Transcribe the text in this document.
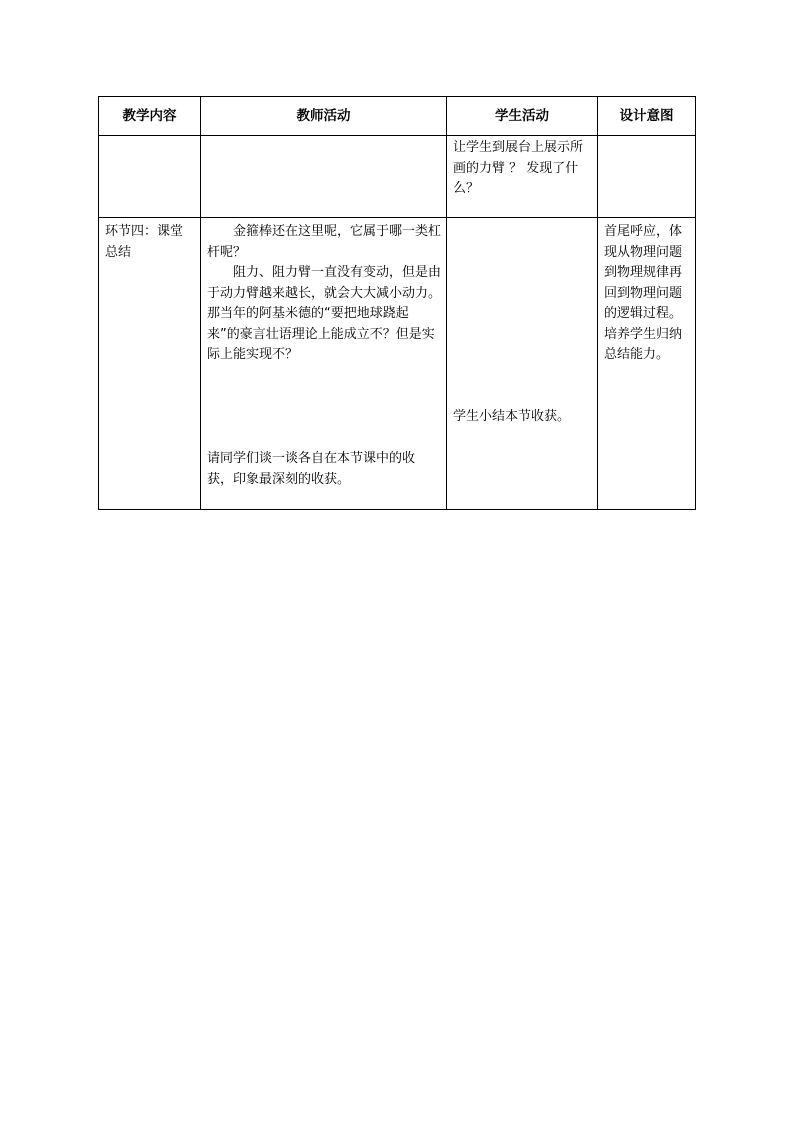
教学内容	教师活动	学生活动	设计意图

		让学生到展台上展示所画的力臂 ？ 发现了什么？	

环节四：课堂总结	金箍棒还在这里呢，它属于哪一类杠杆呢？

阻力、阻力臂一直没有变动，但是由于动力臂越来越长，就会大大减小动力。那当年的阿基米德的“要把地球跷起来”的豪言壮语理论上能成立不？但是实际上能实现不？

请同学们谈一谈各自在本节课中的收获，印象最深刻的收获。	学生小结本节收获。	首尾呼应，体现从物理问题到物理规律再回到物理问题的逻辑过程。培养学生归纳总结能力。
